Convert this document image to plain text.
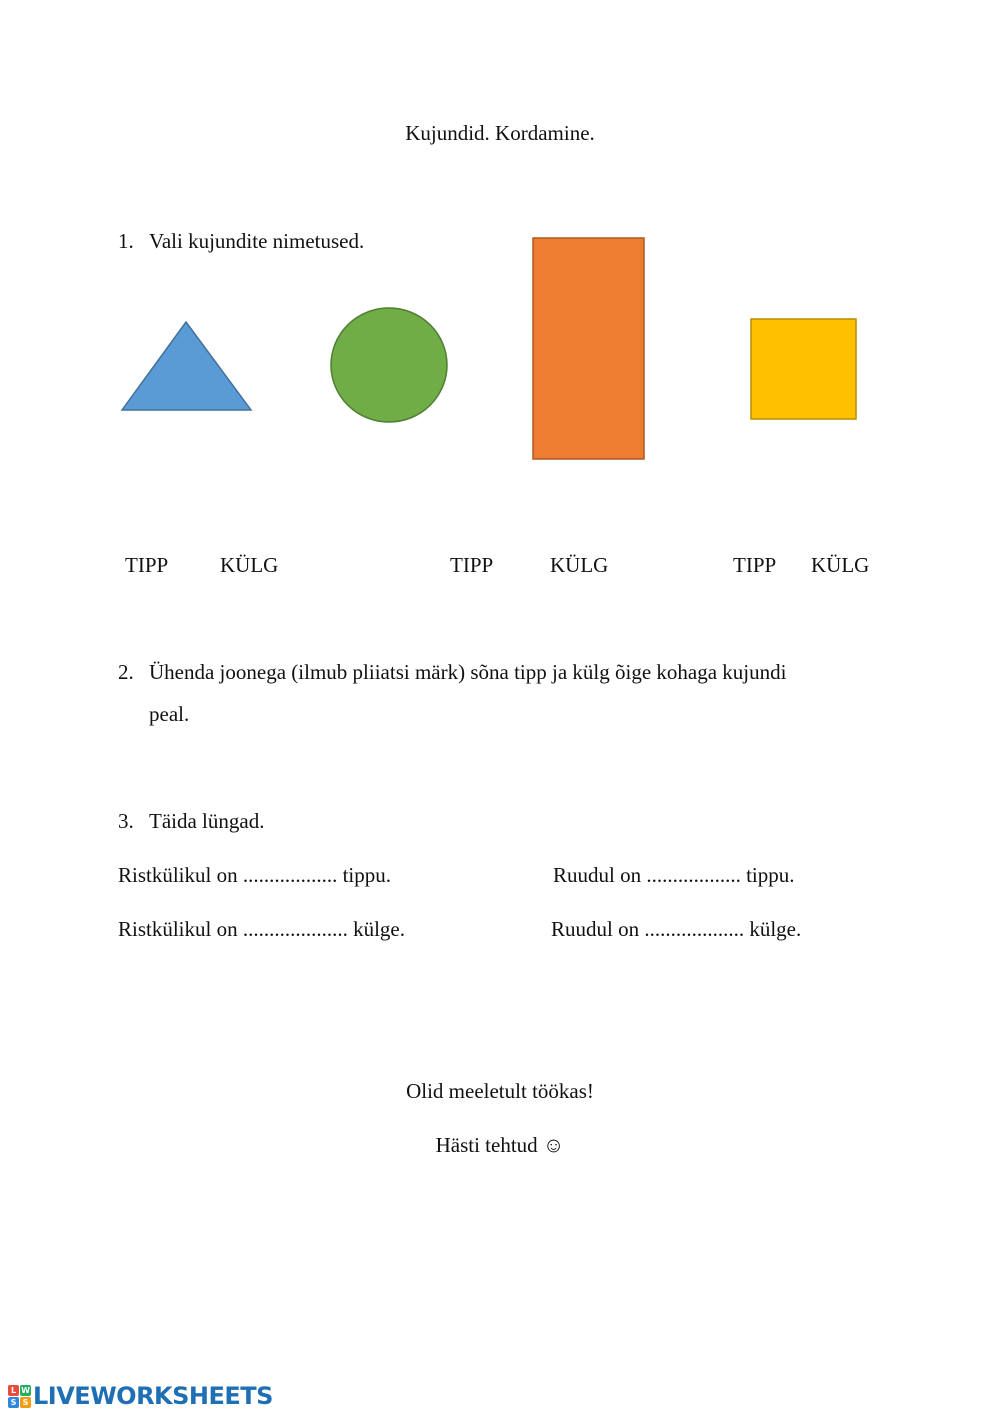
Kujundid. Kordamine.
1. Vali kujundite nimetused.
TIPP KÜLG	TIPP	KÜLG	TIPP KÜLG
2. Ühenda joonega (ilmub pliiatsi märk) sõna tipp ja külg õige kohaga kujundi
peal.
3. Täida lüngad.
Ristkülikul on .................. tippu.	Ruudul on .................. tippu.
Ristkülikul on .................... külge.	Ruudul on ................... külge.
Olid meeletult töökas!
Hästi tehtud ☺
L W
S S LIVEWORKSHEETS
